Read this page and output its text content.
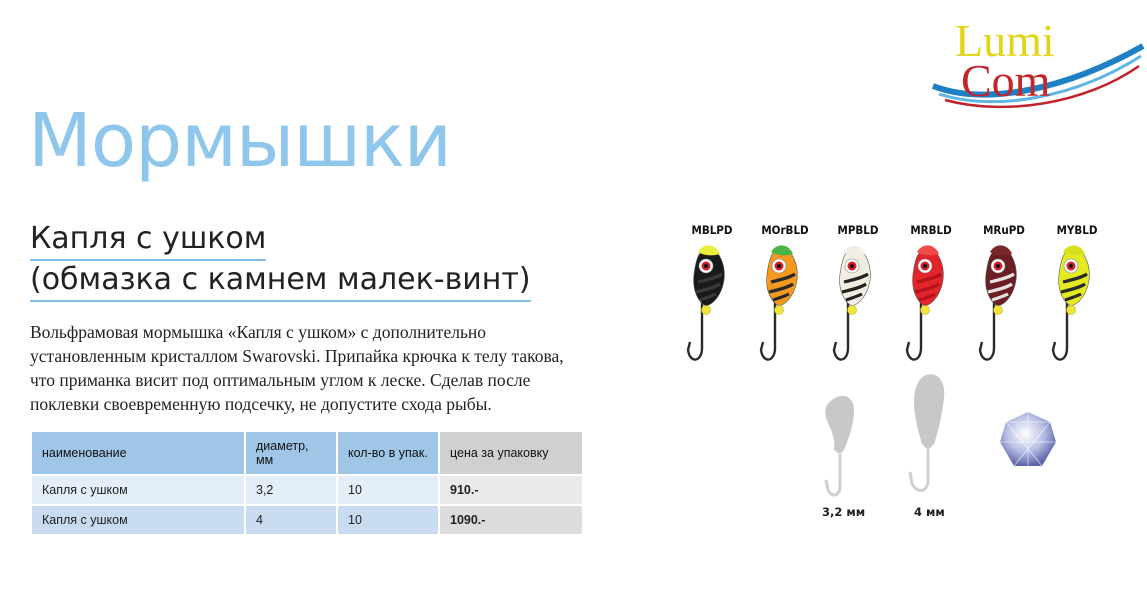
Lumi
Com
Мормышки
Капля с ушком
(обмазка с камнем малек-винт)
Вольфрамовая мормышка «Капля с ушком» с дополнительно установленным кристаллом Swarovski. Припайка крючка к телу такова, что приманка висит под оптимальным углом к леске. Сделав после поклевки своевременную подсечку, не допустите схода рыбы.
наименование	диаметр, мм	кол-во в упак.	цена за упаковку
Капля с ушком	3,2	10	910.-
Капля с ушком	4	10	1090.-
MBLPD	MOrBLD	MPBLD	MRBLD	MRuPD	MYBLD
3,2 мм	4 мм
